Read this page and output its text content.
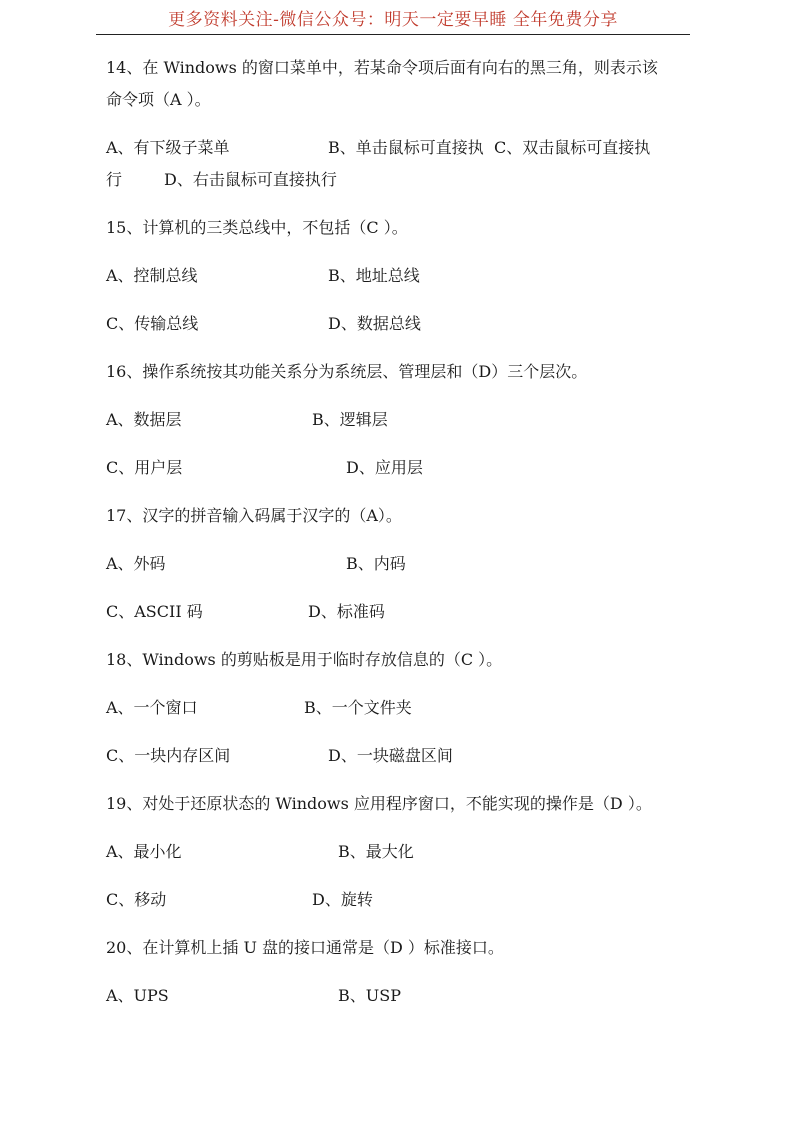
更多资料关注-微信公众号：明天一定要早睡 全年免费分享
14、在 Windows 的窗口菜单中，若某命令项后面有向右的黑三角，则表示该
命令项（A ）。
A、有下级子菜单	B、单击鼠标可直接执 C、双击鼠标可直接执
行	D、右击鼠标可直接执行
15、计算机的三类总线中，不包括（C ）。
A、控制总线	B、地址总线
C、传输总线	D、数据总线
16、操作系统按其功能关系分为系统层、管理层和（D）三个层次。
A、数据层	B、逻辑层
C、用户层	D、应用层
17、汉字的拼音输入码属于汉字的（A）。
A、外码	B、内码
C、ASCII 码	D、标准码
18、Windows 的剪贴板是用于临时存放信息的（C ）。
A、一个窗口	B、一个文件夹
C、一块内存区间	D、一块磁盘区间
19、对处于还原状态的 Windows 应用程序窗口，不能实现的操作是（D ）。
A、最小化	B、最大化
C、移动	D、旋转
20、在计算机上插 U 盘的接口通常是（D ）标准接口。
A、UPS	B、USP
